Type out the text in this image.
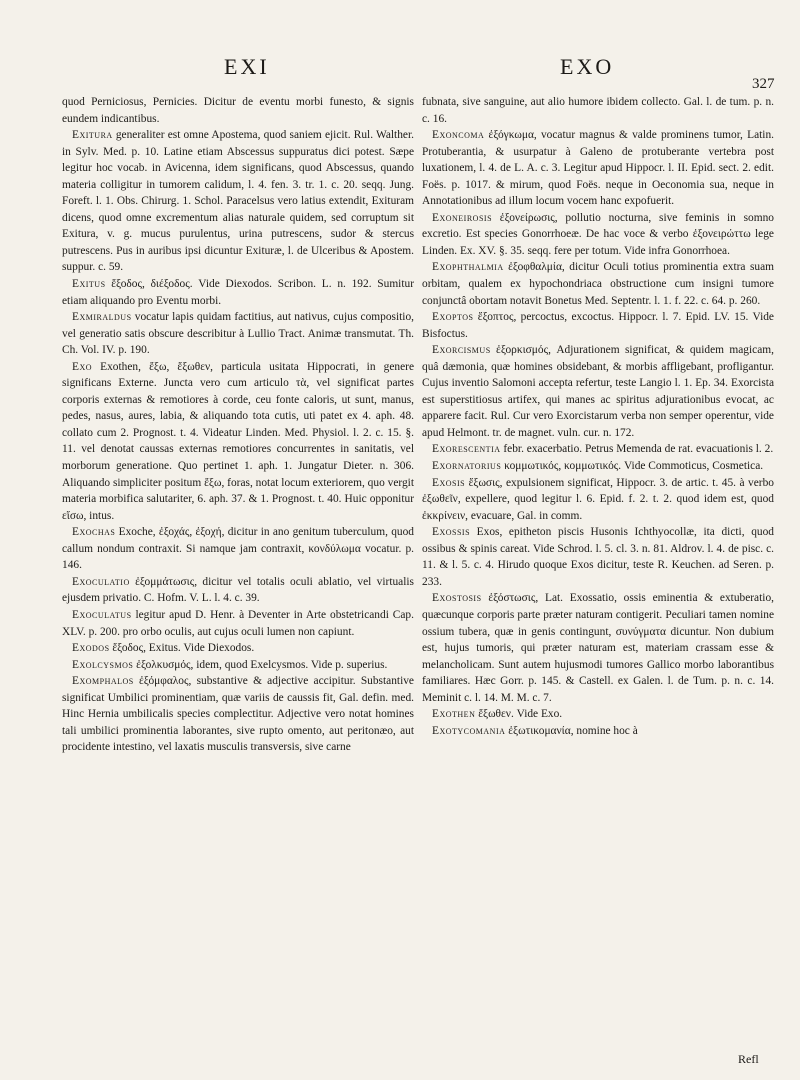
EXI	EXO
327

quod Perniciosus, Pernicies. Dicitur de eventu morbi funesto, & signis eundem indicantibus.

Exitura generaliter est omne Apostema, quod saniem ejicit. Rul. Walther. in Sylv. Med. p. 10. Latine etiam Abscessus suppuratus dici potest. Sæpe legitur hoc vocab. in Avicenna, idem significans, quod Abscessus, quando materia colligitur in tumorem calidum, l. 4. fen. 3. tr. 1. c. 20. seqq. Jung. Foreft. l. 1. Obs. Chirurg. 1. Schol. Paracelsus vero latius extendit, Exituram dicens, quod omne excrementum alias naturale quidem, sed corruptum sit Exitura, v. g. mucus purulentus, urina putrescens, sudor & stercus putrescens. Pus in auribus ipsi dicuntur Exituræ, l. de Ulceribus & Apostem. suppur. c. 59.

Exitus ἔξοδος, διέξοδος. Vide Diexodos. Scribon. L. n. 192. Sumitur etiam aliquando pro Eventu morbi.

Exmiraldus vocatur lapis quidam factitius, aut nativus, cujus compositio, vel generatio satis obscure describitur à Lullio Tract. Animæ transmutat. Th. Ch. Vol. IV. p. 190.

Exo Exothen, ἔξω, ἔξωθεν, particula usitata Hippocrati, in genere significans Externe. Juncta vero cum articulo τὰ, vel significat partes corporis externas & remotiores à corde, ceu fonte caloris, ut sunt, manus, pedes, nasus, aures, labia, & aliquando tota cutis, uti patet ex 4. aph. 48. collato cum 2. Prognost. t. 4. Videatur Linden. Med. Physiol. l. 2. c. 15. §. 11. vel denotat caussas externas remotiores concurrentes in sanitatis, vel morborum generatione. Quo pertinet 1. aph. 1. Jungatur Dieter. n. 306. Aliquando simpliciter positum ἔξω, foras, notat locum exteriorem, quo vergit materia morbifica salutariter, 6. aph. 37. & 1. Prognost. t. 40. Huic opponitur εἴσω, intus.

Exochas Exoche, ἐξοχάς, ἐξοχή, dicitur in ano genitum tuberculum, quod callum nondum contraxit. Si namque jam contraxit, κονδύλωμα vocatur. p. 146.

Exoculatio ἐξομμάτωσις, dicitur vel totalis oculi ablatio, vel virtualis ejusdem privatio. C. Hofm. V. L. l. 4. c. 39.

Exoculatus legitur apud D. Henr. à Deventer in Arte obstetricandi Cap. XLV. p. 200. pro orbo oculis, aut cujus oculi lumen non capiunt.

Exodos ἔξοδος, Exitus. Vide Diexodos.

Exolcysmos ἐξολκυσμός, idem, quod Exelcysmos. Vide p. superius.

Exomphalos ἐξόμφαλος, substantive & adjective accipitur. Substantive significat Umbilici prominentiam, quæ variis de caussis fit, Gal. defin. med. Hinc Hernia umbilicalis species complectitur. Adjective vero notat homines tali umbilici prominentia laborantes, sive rupto omento, aut peritonæo, aut procidente intestino, vel laxatis musculis transversis, sive carne

fubnata, sive sanguine, aut alio humore ibidem collecto. Gal. l. de tum. p. n. c. 16.

Exoncoma ἐξόγκωμα, vocatur magnus & valde prominens tumor, Latin. Protuberantia, & usurpatur à Galeno de protuberante vertebra post luxationem, l. 4. de L. A. c. 3. Legitur apud Hippocr. l. II. Epid. sect. 2. edit. Foës. p. 1017. & mirum, quod Foës. neque in Oeconomia sua, neque in Annotationibus ad illum locum vocem hanc expofuerit.

Exoneirosis ἐξονείρωσις, pollutio nocturna, sive feminis in somno excretio. Est species Gonorrhoeæ. De hac voce & verbo ἐξονειρώττω lege Linden. Ex. XV. §. 35. seqq. fere per totum. Vide infra Gonorrhoea.

Exophthalmia ἐξοφθαλμία, dicitur Oculi totius prominentia extra suam orbitam, qualem ex hypochondriaca obstructione cum insigni tumore conjunctâ obortam notavit Bonetus Med. Septentr. l. 1. f. 22. c. 64. p. 260.

Exoptos ἔξοπτος, percoctus, excoctus. Hippocr. l. 7. Epid. LV. 15. Vide Bisfoctus.

Exorcismus ἐξορκισμός, Adjurationem significat, & quidem magicam, quâ dæmonia, quæ homines obsidebant, & morbis affligebant, profligantur. Cujus inventio Salomoni accepta refertur, teste Langio l. 1. Ep. 34. Exorcista est superstitiosus artifex, qui manes ac spiritus adjurationibus evocat, ac apparere facit. Rul. Cur vero Exorcistarum verba non semper operentur, vide apud Helmont. tr. de magnet. vuln. cur. n. 172.

Exorescentia febr. exacerbatio. Petrus Memenda de rat. evacuationis l. 2.

Exornatorius κομμωτικός, κομμωτικός. Vide Commoticus, Cosmetica.

Exosis ἔξωσις, expulsionem significat, Hippocr. 3. de artic. t. 45. à verbo ἐξωθεῖν, expellere, quod legitur l. 6. Epid. f. 2. t. 2. quod idem est, quod ἐκκρίνειν, evacuare, Gal. in comm.

Exossis Exos, epitheton piscis Husonis Ichthyocollæ, ita dicti, quod ossibus & spinis careat. Vide Schrod. l. 5. cl. 3. n. 81. Aldrov. l. 4. de pisc. c. 11. & l. 5. c. 4. Hirudo quoque Exos dicitur, teste R. Keuchen. ad Seren. p. 233.

Exostosis ἐξόστωσις, Lat. Exossatio, ossis eminentia & extuberatio, quæcunque corporis parte præter naturam contigerit. Peculiari tamen nomine ossium tubera, quæ in genis contingunt, συνύγματα dicuntur. Non dubium est, hujus tumoris, qui præter naturam est, materiam crassam esse & melancholicam. Sunt autem hujusmodi tumores Gallico morbo laborantibus familiares. Hæc Gorr. p. 145. & Castell. ex Galen. l. de Tum. p. n. c. 14. Meminit c. l. 14. M. M. c. 7.

Exothen ἔξωθεν. Vide Exo.

Exotycomania ἐξωτικομανία, nomine hoc à

Refl
